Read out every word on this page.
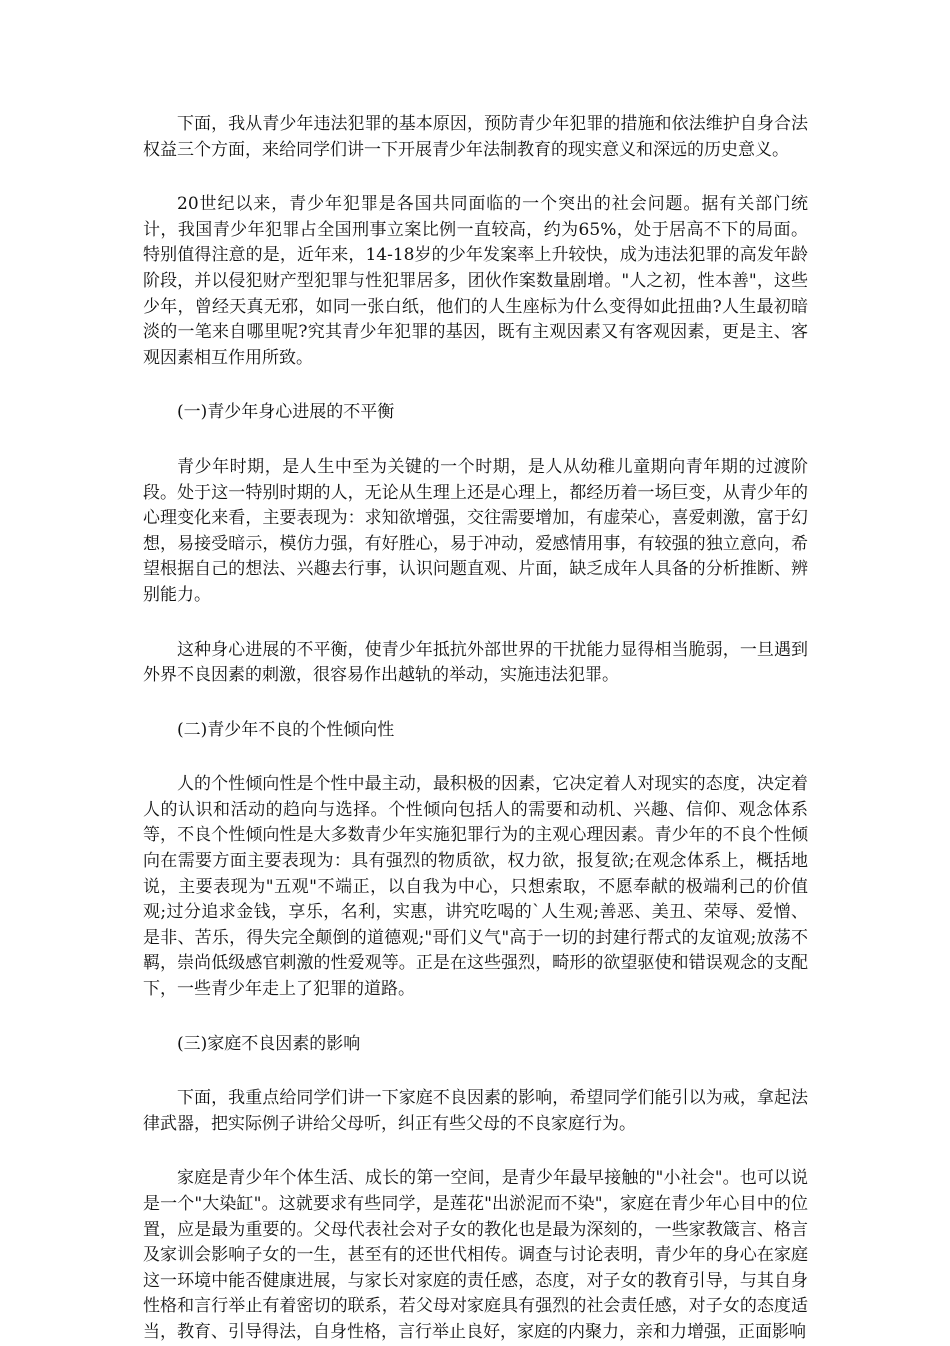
下面，我从青少年违法犯罪的基本原因，预防青少年犯罪的措施和依法维护自身合法权益三个方面，来给同学们讲一下开展青少年法制教育的现实意义和深远的历史意义。

20世纪以来，青少年犯罪是各国共同面临的一个突出的社会问题。据有关部门统计，我国青少年犯罪占全国刑事立案比例一直较高，约为65%，处于居高不下的局面。特别值得注意的是，近年来，14-18岁的少年发案率上升较快，成为违法犯罪的高发年龄阶段，并以侵犯财产型犯罪与性犯罪居多，团伙作案数量剧增。"人之初，性本善"，这些少年，曾经天真无邪，如同一张白纸，他们的人生座标为什么变得如此扭曲?人生最初暗淡的一笔来自哪里呢?究其青少年犯罪的基因，既有主观因素又有客观因素，更是主、客观因素相互作用所致。

(一)青少年身心进展的不平衡

青少年时期，是人生中至为关键的一个时期，是人从幼稚儿童期向青年期的过渡阶段。处于这一特别时期的人，无论从生理上还是心理上，都经历着一场巨变，从青少年的心理变化来看，主要表现为：求知欲增强，交往需要增加，有虚荣心，喜爱刺激，富于幻想，易接受暗示，模仿力强，有好胜心，易于冲动，爱感情用事，有较强的独立意向，希望根据自己的想法、兴趣去行事，认识问题直观、片面，缺乏成年人具备的分析推断、辨别能力。

这种身心进展的不平衡，使青少年抵抗外部世界的干扰能力显得相当脆弱，一旦遇到外界不良因素的刺激，很容易作出越轨的举动，实施违法犯罪。

(二)青少年不良的个性倾向性

人的个性倾向性是个性中最主动，最积极的因素，它决定着人对现实的态度，决定着人的认识和活动的趋向与选择。个性倾向包括人的需要和动机、兴趣、信仰、观念体系等，不良个性倾向性是大多数青少年实施犯罪行为的主观心理因素。青少年的不良个性倾向在需要方面主要表现为：具有强烈的物质欲，权力欲，报复欲;在观念体系上，概括地说，主要表现为"五观"不端正，以自我为中心，只想索取，不愿奉献的极端利己的价值观;过分追求金钱，享乐，名利，实惠，讲究吃喝的`人生观;善恶、美丑、荣辱、爱憎、是非、苦乐，得失完全颠倒的道德观;"哥们义气"高于一切的封建行帮式的友谊观;放荡不羁，崇尚低级感官刺激的性爱观等。正是在这些强烈，畸形的欲望驱使和错误观念的支配下，一些青少年走上了犯罪的道路。

(三)家庭不良因素的影响

下面，我重点给同学们讲一下家庭不良因素的影响，希望同学们能引以为戒，拿起法律武器，把实际例子讲给父母听，纠正有些父母的不良家庭行为。

家庭是青少年个体生活、成长的第一空间，是青少年最早接触的"小社会"。也可以说是一个"大染缸"。这就要求有些同学，是莲花"出淤泥而不染"，家庭在青少年心目中的位置，应是最为重要的。父母代表社会对子女的教化也是最为深刻的，一些家教箴言、格言及家训会影响子女的一生，甚至有的还世代相传。调查与讨论表明，青少年的身心在家庭这一环境中能否健康进展，与家长对家庭的责任感，态度，对子女的教育引导，与其自身性格和言行举止有着密切的联系，若父母对家庭具有强烈的社会责任感，对子女的态度适当，教育、引导得法，自身性格，言行举止良好，家庭的内聚力，亲和力增强，正面影响
